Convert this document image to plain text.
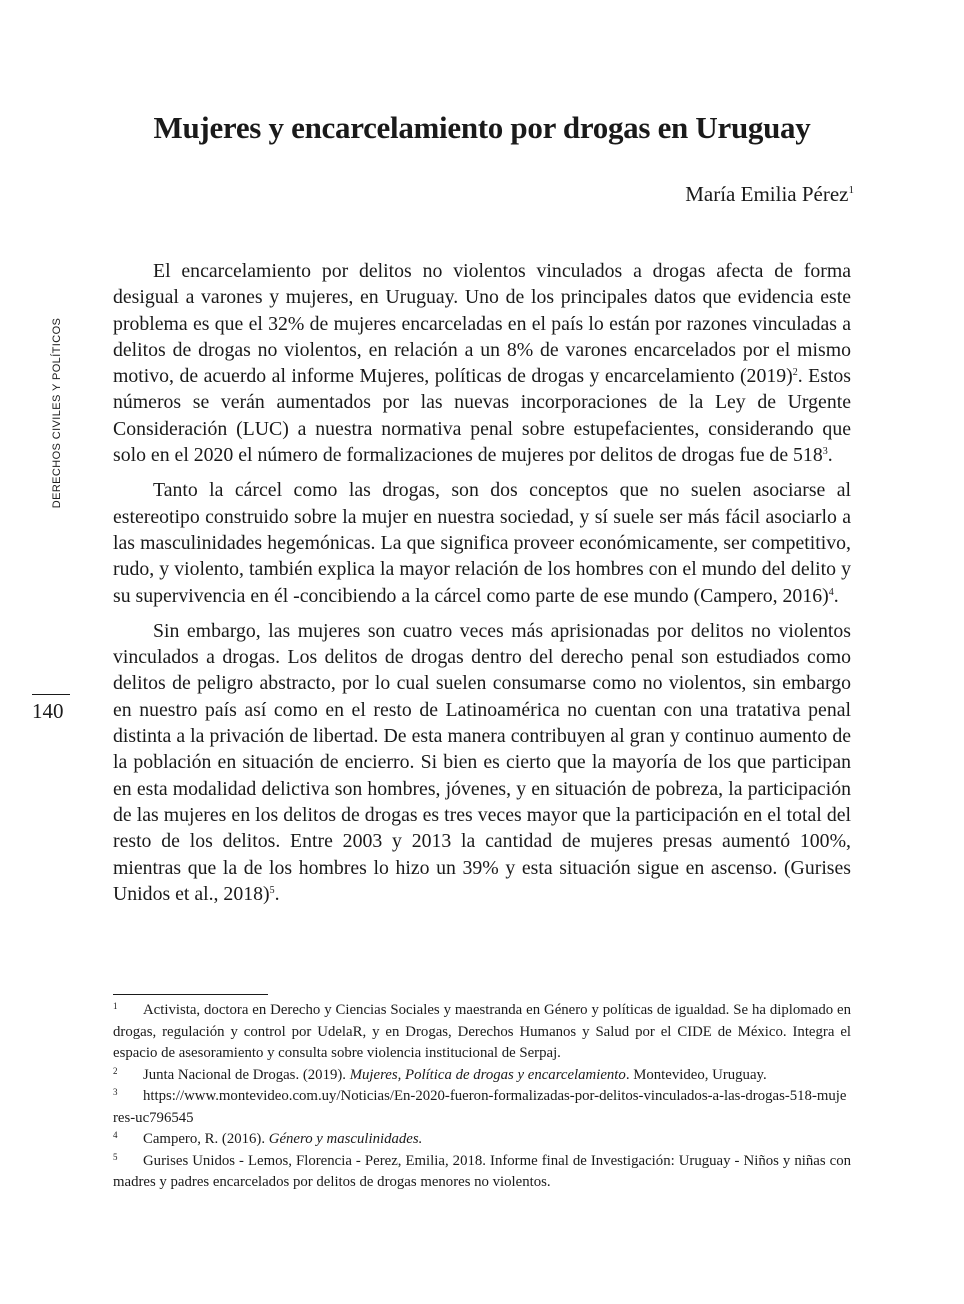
Mujeres y encarcelamiento por drogas en Uruguay
María Emilia Pérez$^1$
DERECHOS CIVILES Y POLÍTICOS
140

El encarcelamiento por delitos no violentos vinculados a drogas afecta de forma desigual a varones y mujeres, en Uruguay. Uno de los principales datos que evidencia este problema es que el 32% de mujeres encarceladas en el país lo están por razones vinculadas a delitos de drogas no violentos, en relación a un 8% de varones encarcelados por el mismo motivo, de acuerdo al informe Mujeres, políticas de drogas y encarcelamiento $(2019)^2$. Estos números se verán aumentados por las nuevas incorporaciones de la Ley de Urgente Consideración (LUC) a nuestra normativa penal sobre estupefacientes, considerando que solo en el 2020 el número de formalizaciones de mujeres por delitos de drogas fue de $518^3$.

Tanto la cárcel como las drogas, son dos conceptos que no suelen asociarse al estereotipo construido sobre la mujer en nuestra sociedad, y sí suele ser más fácil asociarlo a las masculinidades hegemónicas. La que significa proveer económicamente, ser competitivo, rudo, y violento, también explica la mayor relación de los hombres con el mundo del delito y su supervivencia en él -concibiendo a la cárcel como parte de ese mundo (Campero, 2016)$^4$.

Sin embargo, las mujeres son cuatro veces más aprisionadas por delitos no violentos vinculados a drogas. Los delitos de drogas dentro del derecho penal son estudiados como delitos de peligro abstracto, por lo cual suelen consumarse como no violentos, sin embargo en nuestro país así como en el resto de Latinoamérica no cuentan con una tratativa penal distinta a la privación de libertad. De esta manera contribuyen al gran y continuo aumento de la población en situación de encierro. Si bien es cierto que la mayoría de los que participan en esta modalidad delictiva son hombres, jóvenes, y en situación de pobreza, la participación de las mujeres en los delitos de drogas es tres veces mayor que la participación en el total del resto de los delitos. Entre 2003 y 2013 la cantidad de mujeres presas aumentó 100%, mientras que la de los hombres lo hizo un 39% y esta situación sigue en ascenso. (Gurises Unidos et al., 2018)$^5$.

1 Activista, doctora en Derecho y Ciencias Sociales y maestranda en Género y políticas de igualdad. Se ha diplomado en drogas, regulación y control por UdelaR, y en Drogas, Derechos Humanos y Salud por el CIDE de México. Integra el espacio de asesoramiento y consulta sobre violencia institucional de Serpaj.

2 Junta Nacional de Drogas. (2019). Mujeres, Política de drogas y encarcelamiento. Montevideo, Uruguay.

3 https://www.montevideo.com.uy/Noticias/En-2020-fueron-formalizadas-por-delitos-vinculados-a-las-drogas-518-mujeres-uc796545

4 Campero, R. (2016). Género y masculinidades.

5 Gurises Unidos - Lemos, Florencia - Perez, Emilia, 2018. Informe final de Investigación: Uruguay - Niños y niñas con madres y padres encarcelados por delitos de drogas menores no violentos.
